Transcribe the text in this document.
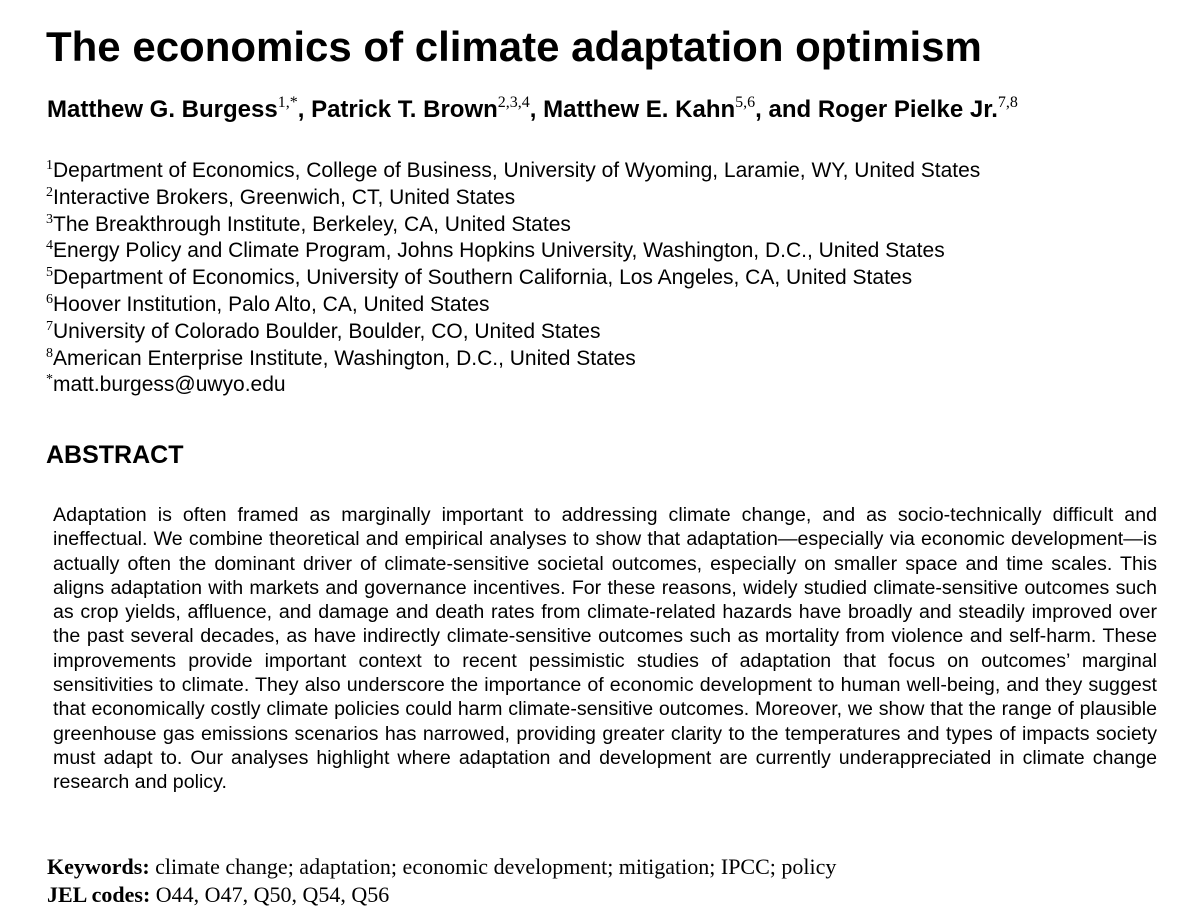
The economics of climate adaptation optimism
Matthew G. Burgess$^{1,*}$, Patrick T. Brown$^{2,3,4}$, Matthew E. Kahn$^{5,6}$, and Roger Pielke Jr.$^{7,8}$
$^1$Department of Economics, College of Business, University of Wyoming, Laramie, WY, United States
$^2$Interactive Brokers, Greenwich, CT, United States
$^3$The Breakthrough Institute, Berkeley, CA, United States
$^4$Energy Policy and Climate Program, Johns Hopkins University, Washington, D.C., United States
$^5$Department of Economics, University of Southern California, Los Angeles, CA, United States
$^6$Hoover Institution, Palo Alto, CA, United States
$^7$University of Colorado Boulder, Boulder, CO, United States
$^8$American Enterprise Institute, Washington, D.C., United States
*matt.burgess@uwyo.edu
ABSTRACT

Adaptation is often framed as marginally important to addressing climate change, and as socio-technically difficult and ineffectual. We combine theoretical and empirical analyses to show that adaptation—especially via economic development—is actually often the dominant driver of climate-sensitive societal outcomes, especially on smaller space and time scales. This aligns adaptation with markets and governance incentives. For these reasons, widely studied climate-sensitive outcomes such as crop yields, affluence, and damage and death rates from climate-related hazards have broadly and steadily improved over the past several decades, as have indirectly climate-sensitive outcomes such as mortality from violence and self-harm. These improvements provide important context to recent pessimistic studies of adaptation that focus on outcomes’ marginal sensitivities to climate. They also underscore the importance of economic development to human well-being, and they suggest that economically costly climate policies could harm climate-sensitive outcomes. Moreover, we show that the range of plausible greenhouse gas emissions scenarios has narrowed, providing greater clarity to the temperatures and types of impacts society must adapt to. Our analyses highlight where adaptation and development are currently underappreciated in climate change research and policy.

Keywords: climate change; adaptation; economic development; mitigation; IPCC; policy
JEL codes: O44, O47, Q50, Q54, Q56
